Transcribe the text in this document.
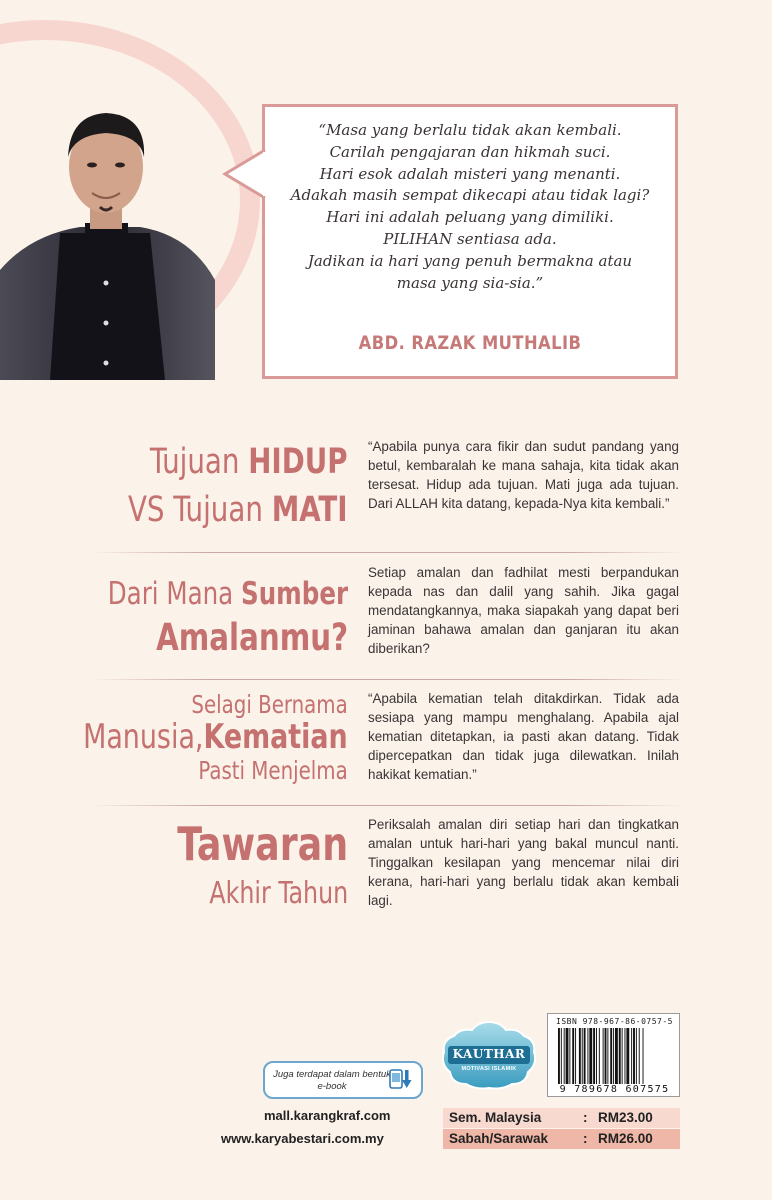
“Masa yang berlalu tidak akan kembali.
Carilah pengajaran dan hikmah suci.
Hari esok adalah misteri yang menanti.
Adakah masih sempat dikecapi atau tidak lagi?
Hari ini adalah peluang yang dimiliki.
PILIHAN sentiasa ada.
Jadikan ia hari yang penuh bermakna atau
masa yang sia-sia.”
ABD. RAZAK MUTHALIB
Tujuan HIDUP
VS Tujuan MATI
“Apabila punya cara fikir dan sudut pandang yang betul, kembaralah ke mana sahaja, kita tidak akan tersesat. Hidup ada tujuan. Mati juga ada tujuan. Dari ALLAH kita datang, kepada-Nya kita kembali.”
Dari Mana Sumber
Amalanmu?
Setiap amalan dan fadhilat mesti berpandukan kepada nas dan dalil yang sahih. Jika gagal mendatangkannya, maka siapakah yang dapat beri jaminan bahawa amalan dan ganjaran itu akan diberikan?
Selagi Bernama
Manusia,Kematian
Pasti Menjelma
“Apabila kematian telah ditakdirkan. Tidak ada sesiapa yang mampu menghalang. Apabila ajal kematian ditetapkan, ia pasti akan datang. Tidak dipercepatkan dan tidak juga dilewatkan. Inilah hakikat kematian.”
Tawaran
Akhir Tahun
Periksalah amalan diri setiap hari dan tingkatkan amalan untuk hari-hari yang bakal muncul nanti. Tinggalkan kesilapan yang mencemar nilai diri kerana, hari-hari yang berlalu tidak akan kembali lagi.
Juga terdapat dalam bentuk e-book
mall.karangkraf.com
www.karyabestari.com.my
KAUTHAR
MOTIVASI ISLAMIK
ISBN 978-967-86-0757-5
9 789678 607575
Sem. Malaysia	: RM23.00
Sabah/Sarawak	: RM26.00
